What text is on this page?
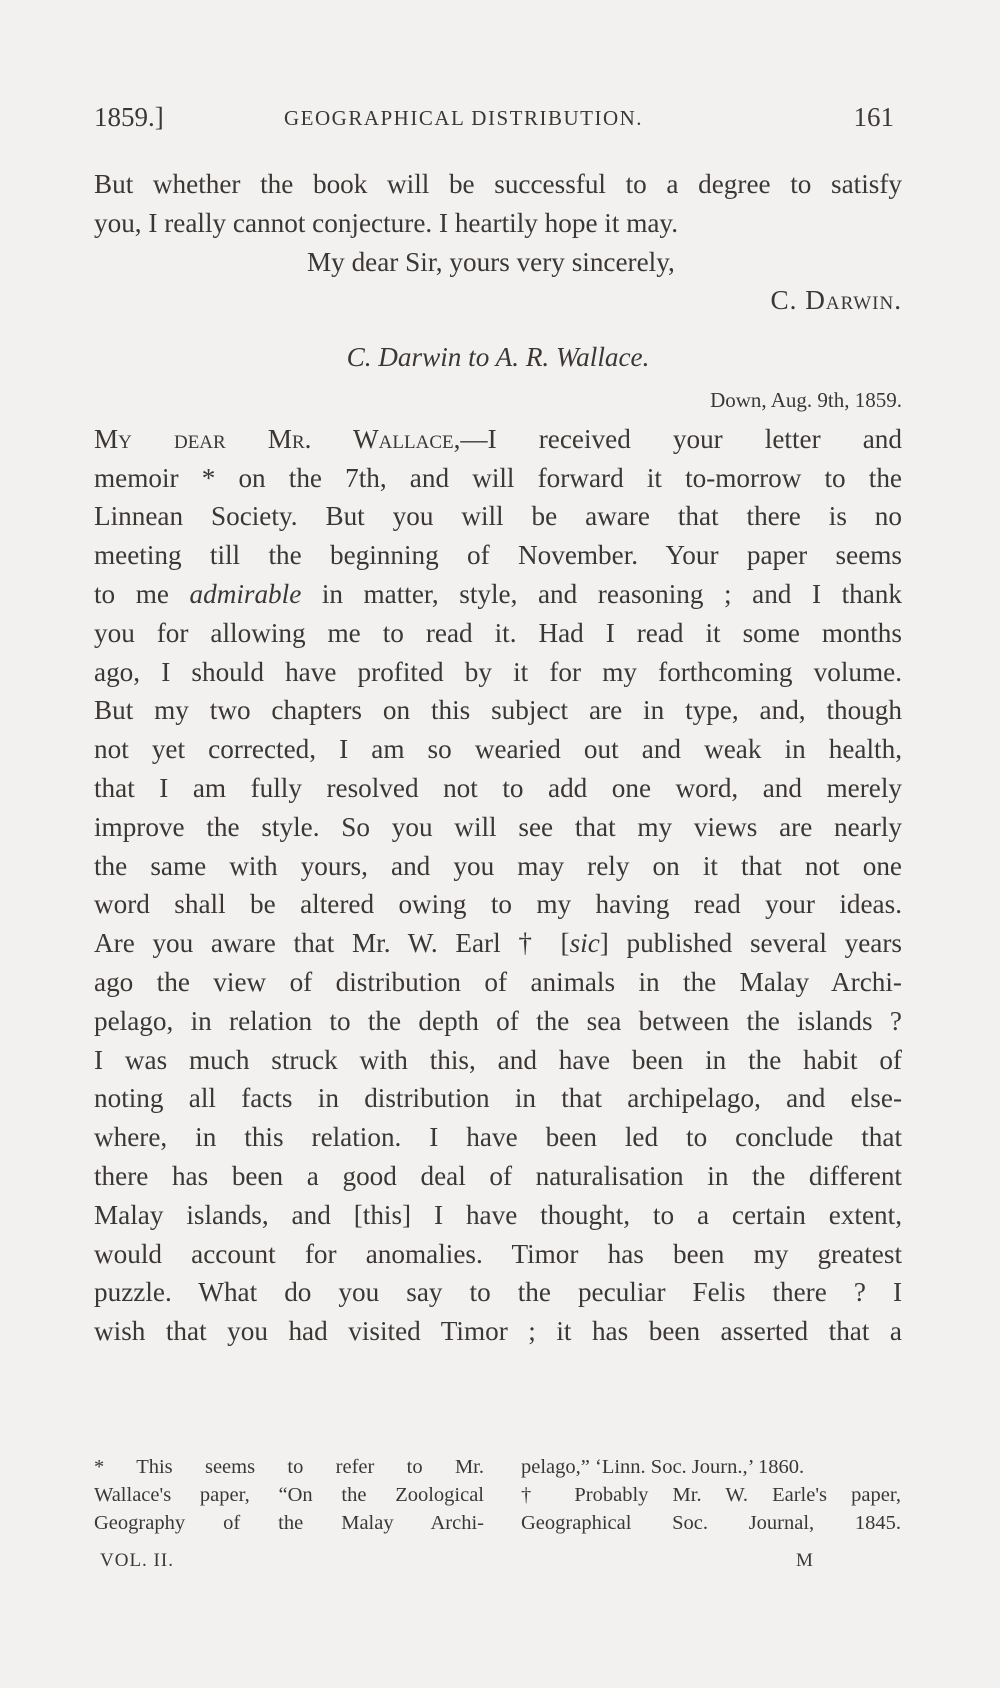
1859.]	GEOGRAPHICAL DISTRIBUTION.	161
But whether the book will be successful to a degree to satisfy
you, I really cannot conjecture. I heartily hope it may.
My dear Sir, yours very sincerely,
C. Darwin.
C. Darwin to A. R. Wallace.
Down, Aug. 9th, 1859.
My dear Mr. Wallace,—I received your letter and
memoir * on the 7th, and will forward it to-morrow to the
Linnean Society. But you will be aware that there is no
meeting till the beginning of November. Your paper seems
to me admirable in matter, style, and reasoning ; and I thank
you for allowing me to read it. Had I read it some months
ago, I should have profited by it for my forthcoming volume.
But my two chapters on this subject are in type, and, though
not yet corrected, I am so wearied out and weak in health,
that I am fully resolved not to add one word, and merely
improve the style. So you will see that my views are nearly
the same with yours, and you may rely on it that not one
word shall be altered owing to my having read your ideas.
Are you aware that Mr. W. Earl † [sic] published several years
ago the view of distribution of animals in the Malay Archi-
pelago, in relation to the depth of the sea between the islands ?
I was much struck with this, and have been in the habit of
noting all facts in distribution in that archipelago, and else-
where, in this relation. I have been led to conclude that
there has been a good deal of naturalisation in the different
Malay islands, and [this] I have thought, to a certain extent,
would account for anomalies. Timor has been my greatest
puzzle. What do you say to the peculiar Felis there ? I
wish that you had visited Timor ; it has been asserted that a
* This seems to refer to Mr.
Wallace's paper, “On the Zoological
Geography of the Malay Archi-
pelago,” ‘Linn. Soc. Journ.,’ 1860.
† Probably Mr. W. Earle's paper,
Geographical Soc. Journal, 1845.
VOL. II.	M
